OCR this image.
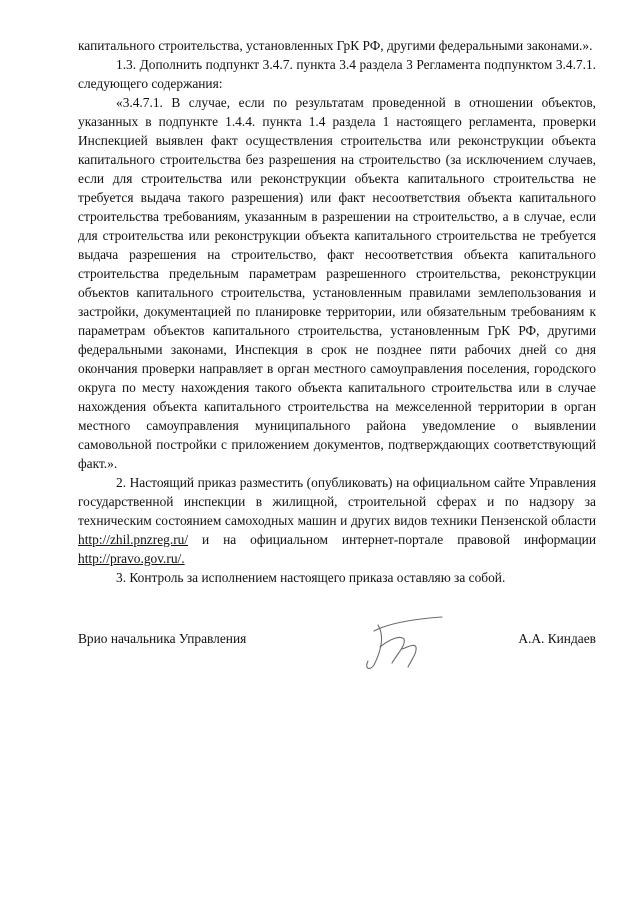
капитального строительства, установленных ГрК РФ, другими федеральными законами.».

1.3. Дополнить подпункт 3.4.7. пункта 3.4 раздела 3 Регламента подпунктом 3.4.7.1. следующего содержания:

«3.4.7.1. В случае, если по результатам проведенной в отношении объектов, указанных в подпункте 1.4.4. пункта 1.4 раздела 1 настоящего регламента, проверки Инспекцией выявлен факт осуществления строительства или реконструкции объекта капитального строительства без разрешения на строительство (за исключением случаев, если для строительства или реконструкции объекта капитального строительства не требуется выдача такого разрешения) или факт несоответствия объекта капитального строительства требованиям, указанным в разрешении на строительство, а в случае, если для строительства или реконструкции объекта капитального строительства не требуется выдача разрешения на строительство, факт несоответствия объекта капитального строительства предельным параметрам разрешенного строительства, реконструкции объектов капитального строительства, установленным правилами землепользования и застройки, документацией по планировке территории, или обязательным требованиям к параметрам объектов капитального строительства, установленным ГрК РФ, другими федеральными законами, Инспекция в срок не позднее пяти рабочих дней со дня окончания проверки направляет в орган местного самоуправления поселения, городского округа по месту нахождения такого объекта капитального строительства или в случае нахождения объекта капитального строительства на межселенной территории в орган местного самоуправления муниципального района уведомление о выявлении самовольной постройки с приложением документов, подтверждающих соответствующий факт.».

2. Настоящий приказ разместить (опубликовать) на официальном сайте Управления государственной инспекции в жилищной, строительной сферах и по надзору за техническим состоянием самоходных машин и других видов техники Пензенской области http://zhil.pnzreg.ru/ и на официальном интернет-портале правовой информации http://pravo.gov.ru/.

3. Контроль за исполнением настоящего приказа оставляю за собой.

Врио начальника Управления	А.А. Киндаев
